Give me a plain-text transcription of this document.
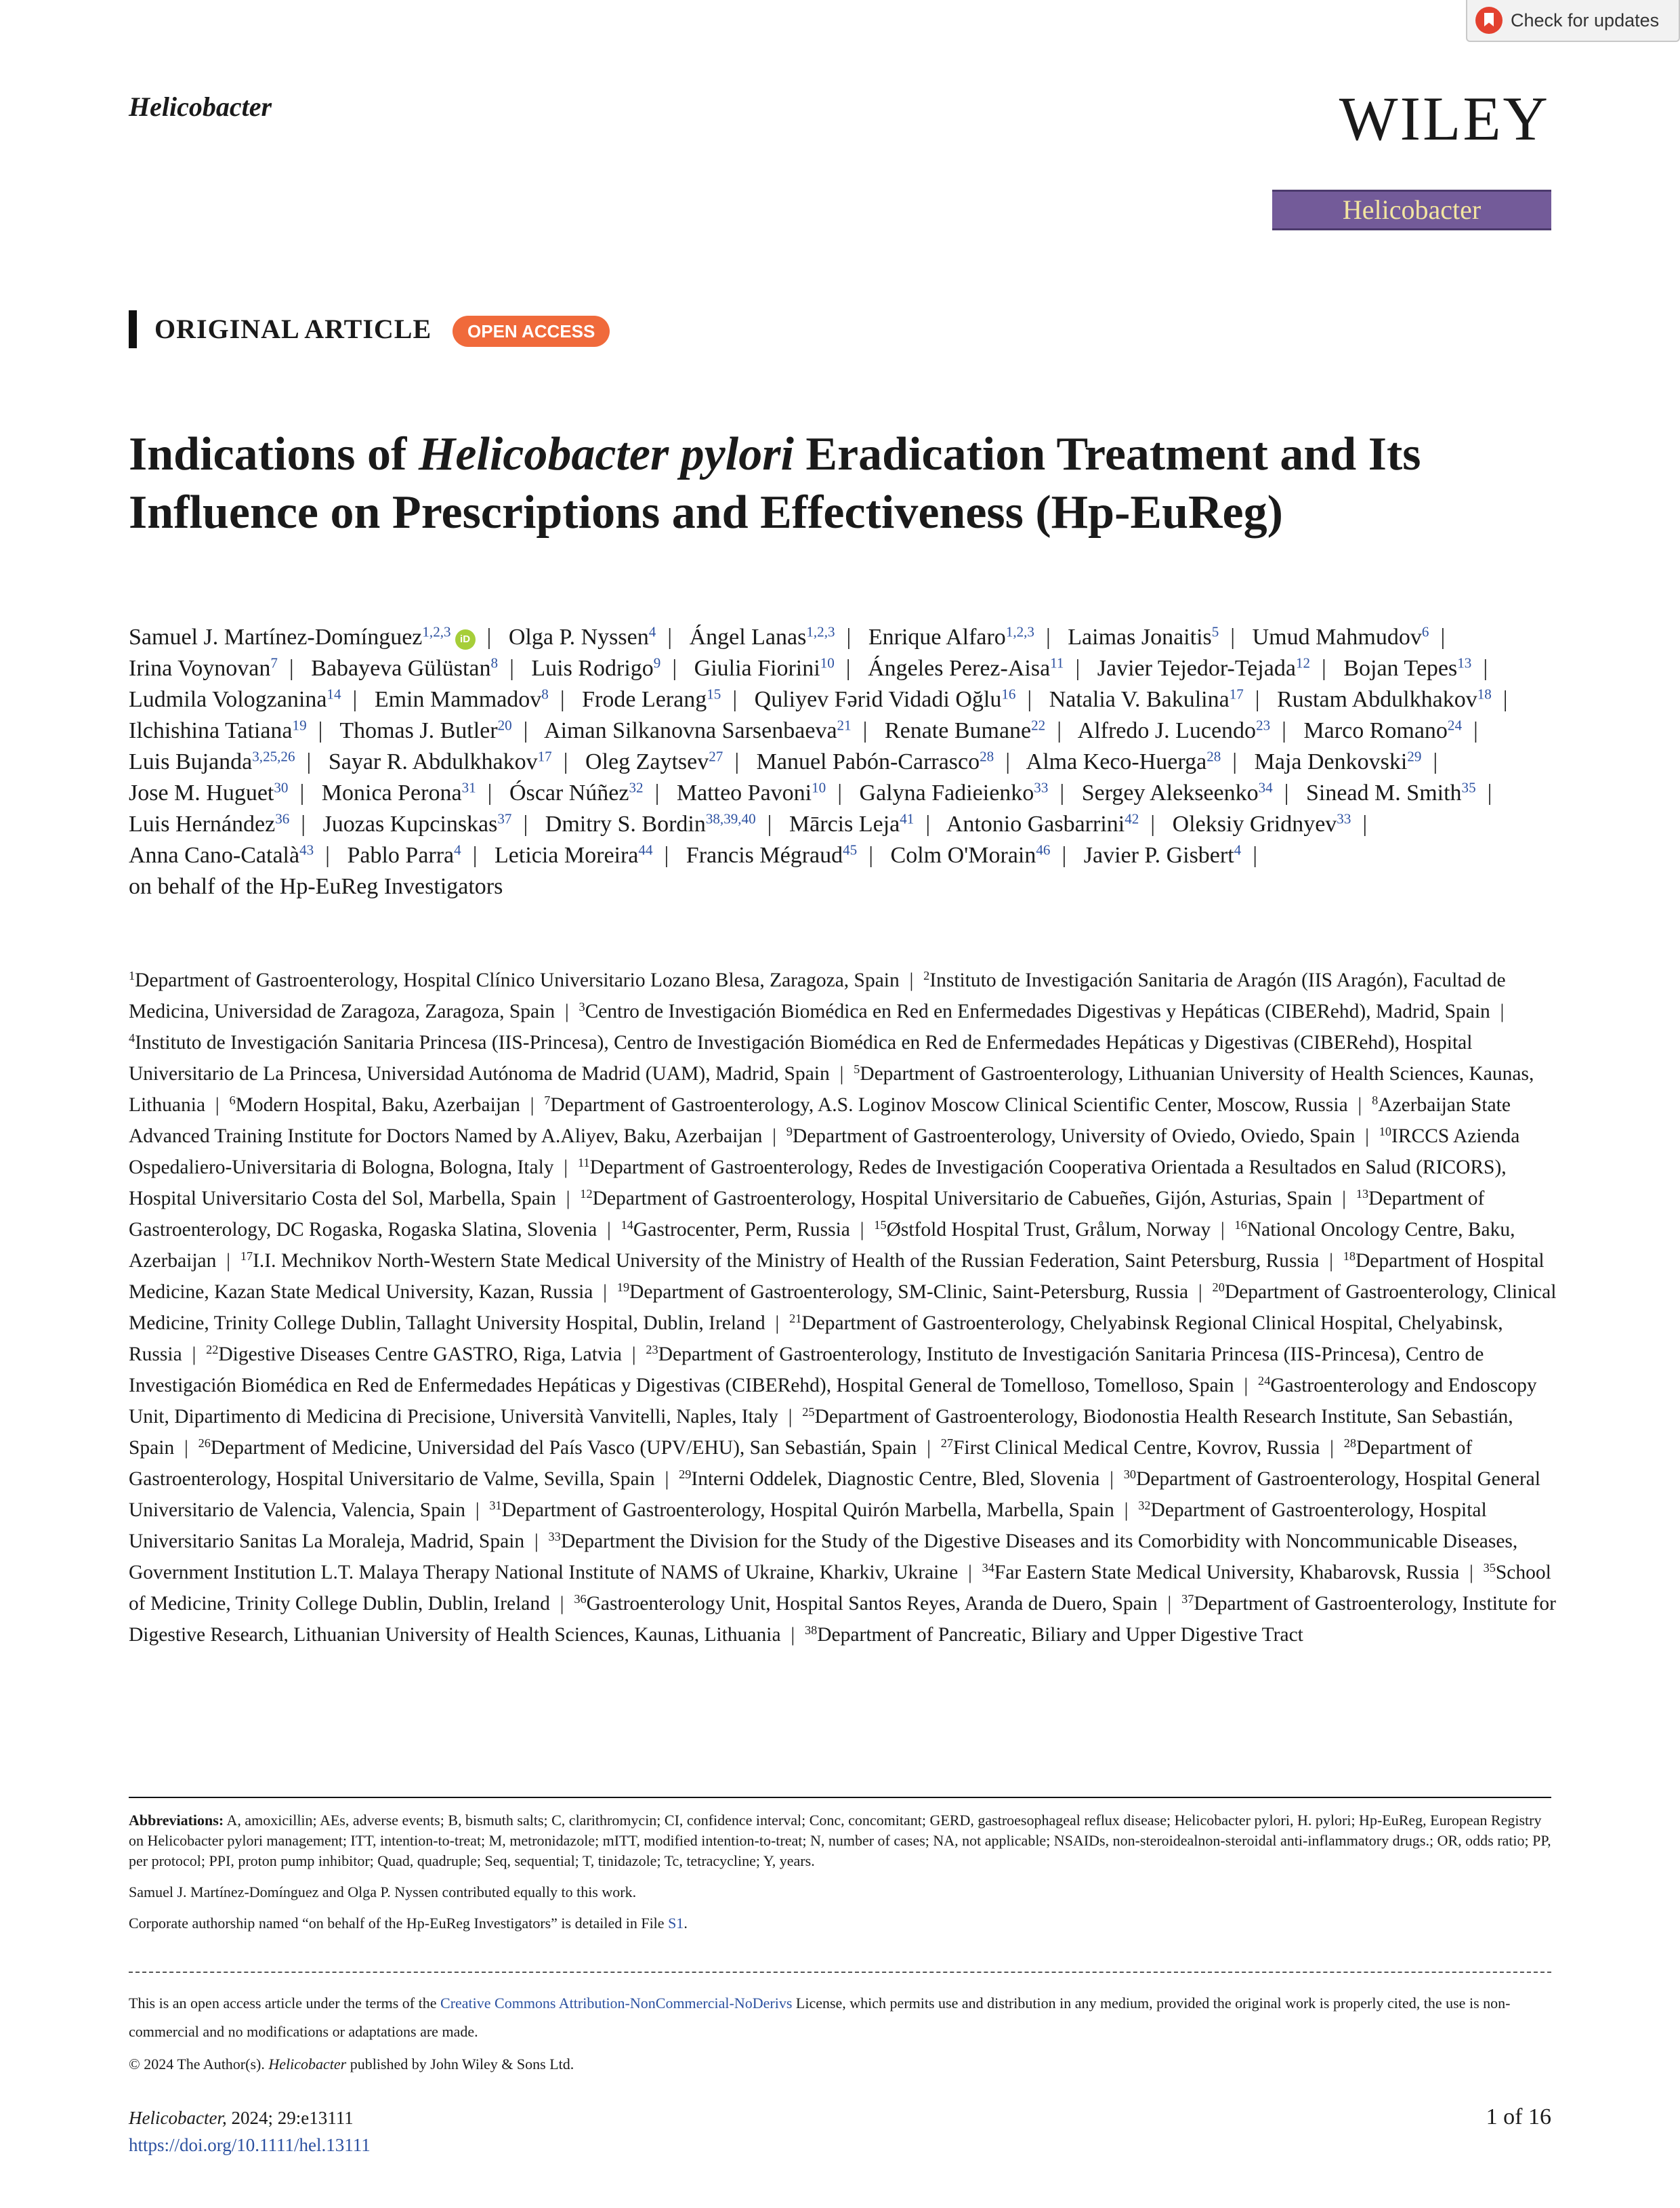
Check for updates
Helicobacter	WILEY
Helicobacter
ORIGINAL ARTICLE	OPEN ACCESS
Indications of Helicobacter pylori Eradication Treatment and Its Influence on Prescriptions and Effectiveness (Hp-EuReg)
Samuel J. Martínez-Domínguez$^{1,2,3}$ iD  |   Olga P. Nyssen$^4$  |   Ángel Lanas$^{1,2,3}$  |   Enrique Alfaro$^{1,2,3}$  |   Laimas Jonaitis$^5$  |   Umud Mahmudov$^6$  |   Irina Voynovan$^7$  |   Babayeva Gülüstan$^8$  |   Luis Rodrigo$^9$  |   Giulia Fiorini$^{10}$  |   Ángeles Perez-Aisa$^{11}$  |   Javier Tejedor-Tejada$^{12}$  |   Bojan Tepes$^{13}$  |   Ludmila Vologzanina$^{14}$  |   Emin Mammadov$^8$  |   Frode Lerang$^{15}$  |   Quliyev Fərid Vidadi Oğlu$^{16}$  |   Natalia V. Bakulina$^{17}$  |   Rustam Abdulkhakov$^{18}$  |   Ilchishina Tatiana$^{19}$  |   Thomas J. Butler$^{20}$  |   Aiman Silkanovna Sarsenbaeva$^{21}$  |   Renate Bumane$^{22}$  |   Alfredo J. Lucendo$^{23}$  |   Marco Romano$^{24}$  |   Luis Bujanda$^{3,25,26}$  |   Sayar R. Abdulkhakov$^{17}$  |   Oleg Zaytsev$^{27}$  |   Manuel Pabón-Carrasco$^{28}$  |   Alma Keco-Huerga$^{28}$  |   Maja Denkovski$^{29}$  |   Jose M. Huguet$^{30}$  |   Monica Perona$^{31}$  |   Óscar Núñez$^{32}$  |   Matteo Pavoni$^{10}$  |   Galyna Fadieienko$^{33}$  |   Sergey Alekseenko$^{34}$  |   Sinead M. Smith$^{35}$  |   Luis Hernández$^{36}$  |   Juozas Kupcinskas$^{37}$  |   Dmitry S. Bordin$^{38,39,40}$  |   Mārcis Leja$^{41}$  |   Antonio Gasbarrini$^{42}$  |   Oleksiy Gridnyev$^{33}$  |   Anna Cano-Català$^{43}$  |   Pablo Parra$^4$  |   Leticia Moreira$^{44}$  |   Francis Mégraud$^{45}$  |   Colm O'Morain$^{46}$  |   Javier P. Gisbert$^4$  |   on behalf of the Hp-EuReg Investigators
$^1$Department of Gastroenterology, Hospital Clínico Universitario Lozano Blesa, Zaragoza, Spain  |  $^2$Instituto de Investigación Sanitaria de Aragón (IIS Aragón), Facultad de Medicina, Universidad de Zaragoza, Zaragoza, Spain  |  $^3$Centro de Investigación Biomédica en Red en Enfermedades Digestivas y Hepáticas (CIBERehd), Madrid, Spain  |  $^4$Instituto de Investigación Sanitaria Princesa (IIS-Princesa), Centro de Investigación Biomédica en Red de Enfermedades Hepáticas y Digestivas (CIBERehd), Hospital Universitario de La Princesa, Universidad Autónoma de Madrid (UAM), Madrid, Spain  |  $^5$Department of Gastroenterology, Lithuanian University of Health Sciences, Kaunas, Lithuania  |  $^6$Modern Hospital, Baku, Azerbaijan  |  $^7$Department of Gastroenterology, A.S. Loginov Moscow Clinical Scientific Center, Moscow, Russia  |  $^8$Azerbaijan State Advanced Training Institute for Doctors Named by A.Aliyev, Baku, Azerbaijan  |  $^9$Department of Gastroenterology, University of Oviedo, Oviedo, Spain  |  $^{10}$IRCCS Azienda Ospedaliero-Universitaria di Bologna, Bologna, Italy  |  $^{11}$Department of Gastroenterology, Redes de Investigación Cooperativa Orientada a Resultados en Salud (RICORS), Hospital Universitario Costa del Sol, Marbella, Spain  |  $^{12}$Department of Gastroenterology, Hospital Universitario de Cabueñes, Gijón, Asturias, Spain  |  $^{13}$Department of Gastroenterology, DC Rogaska, Rogaska Slatina, Slovenia  |  $^{14}$Gastrocenter, Perm, Russia  |  $^{15}$Østfold Hospital Trust, Grålum, Norway  |  $^{16}$National Oncology Centre, Baku, Azerbaijan  |  $^{17}$I.I. Mechnikov North-Western State Medical University of the Ministry of Health of the Russian Federation, Saint Petersburg, Russia  |  $^{18}$Department of Hospital Medicine, Kazan State Medical University, Kazan, Russia  |  $^{19}$Department of Gastroenterology, SM-Clinic, Saint-Petersburg, Russia  |  $^{20}$Department of Gastroenterology, Clinical Medicine, Trinity College Dublin, Tallaght University Hospital, Dublin, Ireland  |  $^{21}$Department of Gastroenterology, Chelyabinsk Regional Clinical Hospital, Chelyabinsk, Russia  |  $^{22}$Digestive Diseases Centre GASTRO, Riga, Latvia  |  $^{23}$Department of Gastroenterology, Instituto de Investigación Sanitaria Princesa (IIS-Princesa), Centro de Investigación Biomédica en Red de Enfermedades Hepáticas y Digestivas (CIBERehd), Hospital General de Tomelloso, Tomelloso, Spain  |  $^{24}$Gastroenterology and Endoscopy Unit, Dipartimento di Medicina di Precisione, Università Vanvitelli, Naples, Italy  |  $^{25}$Department of Gastroenterology, Biodonostia Health Research Institute, San Sebastián, Spain  |  $^{26}$Department of Medicine, Universidad del País Vasco (UPV/EHU), San Sebastián, Spain  |  $^{27}$First Clinical Medical Centre, Kovrov, Russia  |  $^{28}$Department of Gastroenterology, Hospital Universitario de Valme, Sevilla, Spain  |  $^{29}$Interni Oddelek, Diagnostic Centre, Bled, Slovenia  |  $^{30}$Department of Gastroenterology, Hospital General Universitario de Valencia, Valencia, Spain  |  $^{31}$Department of Gastroenterology, Hospital Quirón Marbella, Marbella, Spain  |  $^{32}$Department of Gastroenterology, Hospital Universitario Sanitas La Moraleja, Madrid, Spain  |  $^{33}$Department the Division for the Study of the Digestive Diseases and its Comorbidity with Noncommunicable Diseases, Government Institution L.T. Malaya Therapy National Institute of NAMS of Ukraine, Kharkiv, Ukraine  |  $^{34}$Far Eastern State Medical University, Khabarovsk, Russia  |  $^{35}$School of Medicine, Trinity College Dublin, Dublin, Ireland  |  $^{36}$Gastroenterology Unit, Hospital Santos Reyes, Aranda de Duero, Spain  |  $^{37}$Department of Gastroenterology, Institute for Digestive Research, Lithuanian University of Health Sciences, Kaunas, Lithuania  |  $^{38}$Department of Pancreatic, Biliary and Upper Digestive Tract

Abbreviations: A, amoxicillin; AEs, adverse events; B, bismuth salts; C, clarithromycin; CI, confidence interval; Conc, concomitant; GERD, gastroesophageal reflux disease; Helicobacter pylori, H. pylori; Hp-EuReg, European Registry on Helicobacter pylori management; ITT, intention-to-treat; M, metronidazole; mITT, modified intention-to-treat; N, number of cases; NA, not applicable; NSAIDs, non-steroidealnon-steroidal anti-inflammatory drugs.; OR, odds ratio; PP, per protocol; PPI, proton pump inhibitor; Quad, quadruple; Seq, sequential; T, tinidazole; Tc, tetracycline; Y, years.

Samuel J. Martínez-Domínguez and Olga P. Nyssen contributed equally to this work.

Corporate authorship named “on behalf of the Hp-EuReg Investigators” is detailed in File S1.

This is an open access article under the terms of the Creative Commons Attribution-NonCommercial-NoDerivs License, which permits use and distribution in any medium, provided the original work is properly cited, the use is non-commercial and no modifications or adaptations are made.

© 2024 The Author(s). Helicobacter published by John Wiley & Sons Ltd.

Helicobacter, 2024; 29:e13111
https://doi.org/10.1111/hel.13111
1 of 16
